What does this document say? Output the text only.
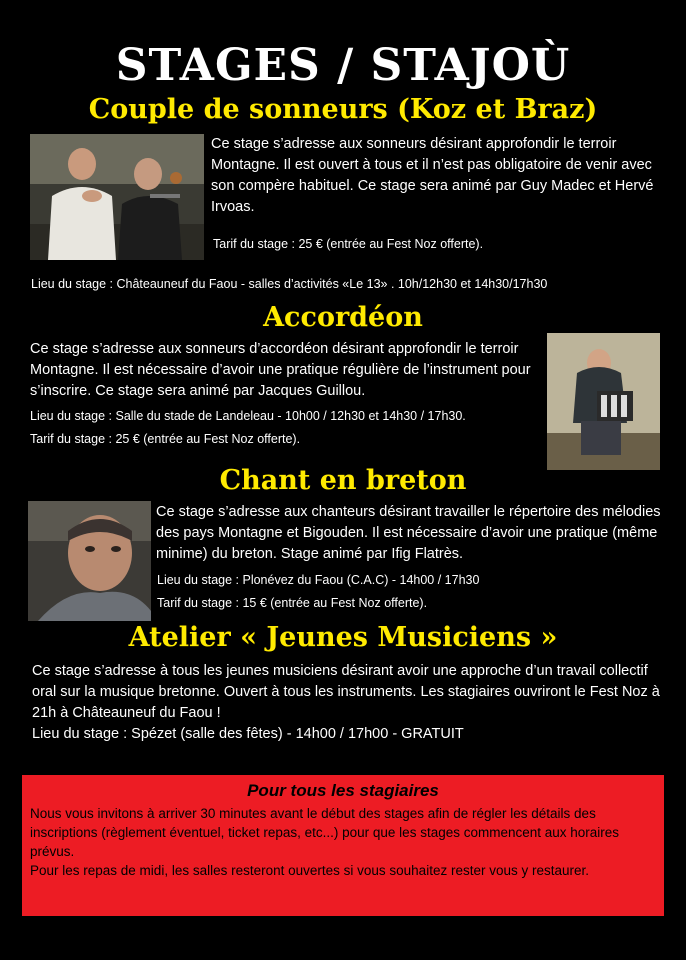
STAGES / STAJOÙ
Couple de sonneurs (Koz et Braz)
Ce stage s’adresse aux sonneurs désirant approfondir le terroir Montagne. Il est ouvert à tous et il n’est pas obligatoire de venir avec son compère habituel. Ce stage sera animé par Guy Madec et Hervé Irvoas.
Tarif du stage : 25 € (entrée au Fest Noz offerte).
Lieu du stage : Châteauneuf du Faou - salles d’activités «Le 13» . 10h/12h30 et 14h30/17h30
Accordéon
Ce stage s’adresse aux sonneurs d’accordéon désirant approfondir le terroir Montagne. Il est nécessaire d’avoir une pratique régulière de l’instrument pour s’inscrire. Ce stage sera animé par Jacques Guillou.
Lieu du stage : Salle du stade de Landeleau - 10h00 / 12h30 et 14h30 / 17h30.
Tarif du stage : 25 € (entrée au Fest Noz offerte).
Chant en breton
Ce stage s’adresse aux chanteurs désirant travailler le répertoire des mélodies des pays Montagne et Bigouden. Il est nécessaire d’avoir une pratique (même minime) du breton. Stage animé par Ifig Flatrès.
Lieu du stage : Plonévez du Faou (C.A.C) - 14h00 / 17h30
Tarif du stage : 15 € (entrée au Fest Noz offerte).
Atelier « Jeunes Musiciens »
Ce stage s’adresse à tous les jeunes musiciens désirant avoir une approche d’un travail collectif oral sur la musique bretonne. Ouvert à tous les instruments. Les stagiaires ouvriront le Fest Noz à 21h à Châteauneuf du Faou !
Lieu du stage : Spézet (salle des fêtes) - 14h00 / 17h00 - GRATUIT
Pour tous les stagiaires
Nous vous invitons à arriver 30 minutes avant le début des stages afin de régler les détails des inscriptions (règlement éventuel, ticket repas, etc...) pour que les stages commencent aux horaires prévus.
Pour les repas de midi, les salles resteront ouvertes si vous souhaitez rester vous y restaurer.
